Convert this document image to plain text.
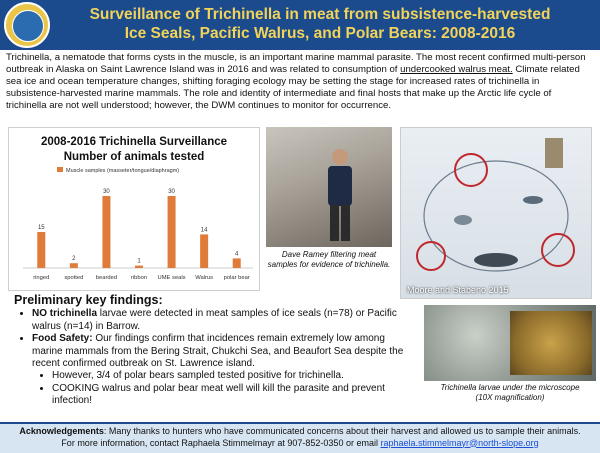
Surveillance of Trichinella in meat from subsistence-harvested
Ice Seals, Pacific Walrus, and Polar Bears: 2008-2016
Trichinella, a nematode that forms cysts in the muscle, is an important marine mammal parasite. The most recent confirmed multi-person outbreak in Alaska on Saint Lawrence Island was in 2016 and was related to consumption of undercooked walrus meat. Climate related sea ice and ocean temperature changes, shifting foraging ecology may be setting the stage for increased rates of trichinella in subsistence-harvested marine mammals. The role and identity of intermediate and final hosts that make up the Arctic life cycle of trichinella are not well understood; however, the DWM continues to monitor for occurrence.
2008-2016 Trichinella Surveillance
Number of animals tested
Muscle samples (masseter/tongue/diaphragm)
15
ringed
2
spotted
30
bearded
1
ribbon
30
UME seals
14
Walrus
4
polar bear
Dave Ramey filtering meat samples for evidence of trichinella.
Moore and Stabeno 2015
Trichinella larvae under the microscope
(10X magnification)
Preliminary key findings:
• NO trichinella larvae were detected in meat samples of ice seals (n=78) or Pacific walrus (n=14) in Barrow.
• Food Safety: Our findings confirm that incidences remain extremely low among marine mammals from the Bering Strait, Chukchi Sea, and Beaufort Sea despite the recent confirmed outbreak on St. Lawrence island.
• However, 3/4 of polar bears sampled tested positive for trichinella.
• COOKING walrus and polar bear meat well will kill the parasite and prevent infection!
Acknowledgements: Many thanks to hunters who have communicated concerns about their harvest and allowed us to sample their animals.
For more information, contact Raphaela Stimmelmayr at 907-852-0350 or email raphaela.stimmelmayr@north-slope.org
